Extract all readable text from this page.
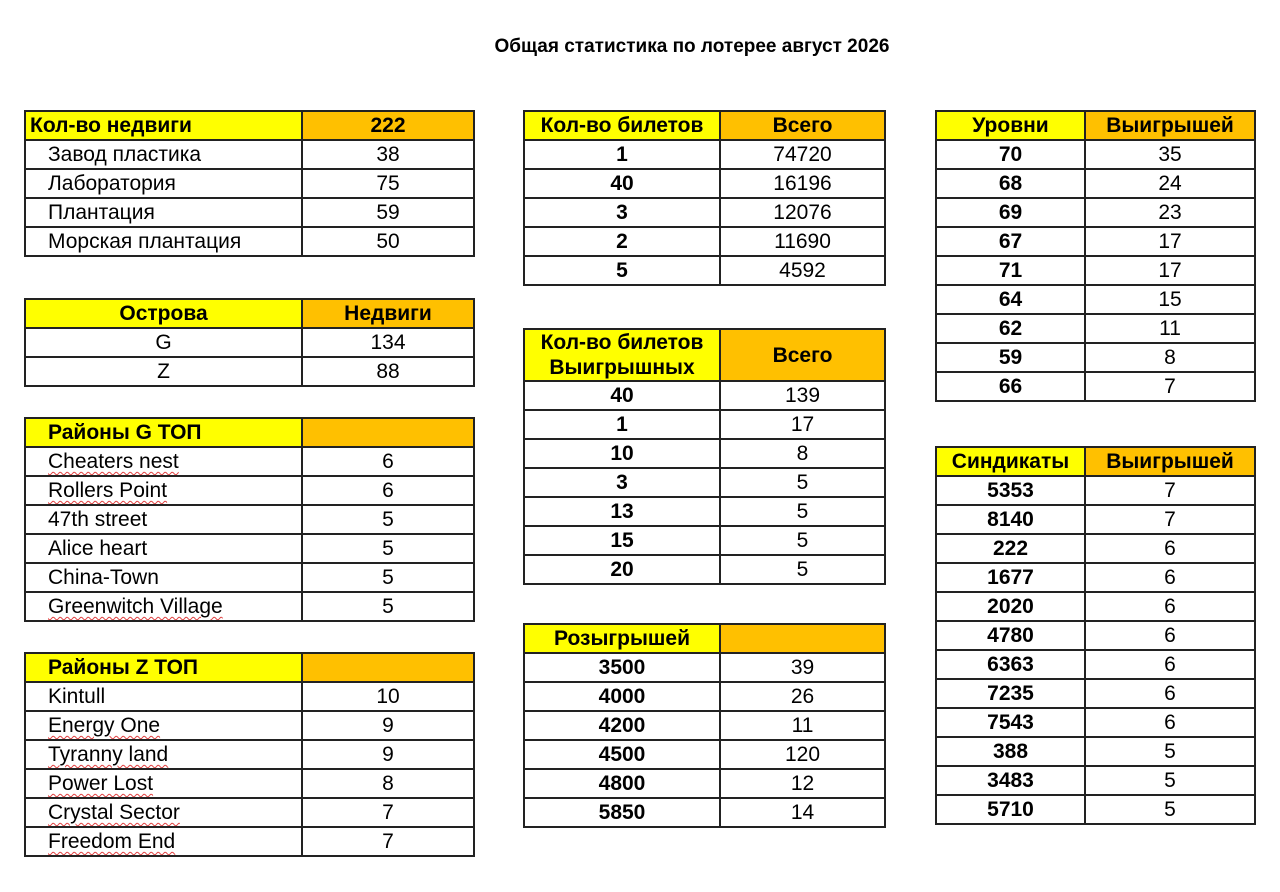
Общая статистика по лотерее август 2026
Кол-во недвиги	222
Завод пластика	38
Лаборатория	75
Плантация	59
Морская плантация	50
Острова	Недвиги
G	134
Z	88
Районы G ТОП	
Cheaters nest	6
Rollers Point	6
47th street	5
Alice heart	5
China-Town	5
Greenwitch Village	5
Районы Z ТОП	
Kintull	10
Energy One	9
Tyranny land	9
Power Lost	8
Crystal Sector	7
Freedom End	7
Кол-во билетов	Всего
1	74720
40	16196
3	12076
2	11690
5	4592
Кол-во билетов
Выигрышных	Всего
40	139
1	17
10	8
3	5
13	5
15	5
20	5
Розыгрышей	
3500	39
4000	26
4200	11
4500	120
4800	12
5850	14
Уровни	Выигрышей
70	35
68	24
69	23
67	17
71	17
64	15
62	11
59	8
66	7
Синдикаты	Выигрышей
5353	7
8140	7
222	6
1677	6
2020	6
4780	6
6363	6
7235	6
7543	6
388	5
3483	5
5710	5
